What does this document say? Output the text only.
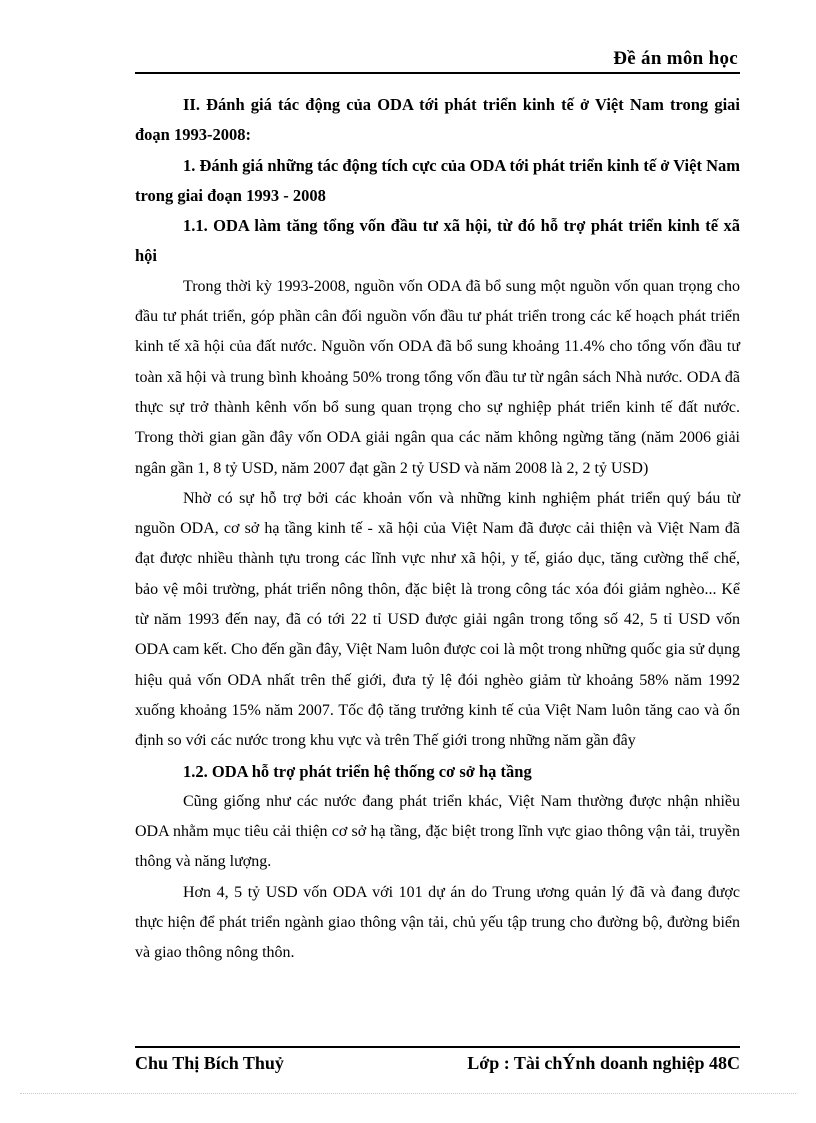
Đề án môn học

II. Đánh giá tác động của ODA tới phát triển kinh tế ở Việt Nam trong giai đoạn 1993-2008:

1. Đánh giá những tác động tích cực của ODA tới phát triển kinh tế ở Việt Nam trong giai đoạn 1993 - 2008

1.1. ODA làm tăng tổng vốn đầu tư xã hội, từ đó hỗ trợ phát triển kinh tế xã hội

Trong thời kỳ 1993-2008, nguồn vốn ODA đã bổ sung một nguồn vốn quan trọng cho đầu tư phát triển, góp phần cân đối nguồn vốn đầu tư phát triển trong các kế hoạch phát triển kinh tế xã hội của đất nước. Nguồn vốn ODA đã bổ sung khoảng 11.4% cho tổng vốn đầu tư toàn xã hội và trung bình khoảng 50% trong tổng vốn đầu tư từ ngân sách Nhà nước. ODA đã thực sự trở thành kênh vốn bổ sung quan trọng cho sự nghiệp phát triển kinh tế đất nước. Trong thời gian gần đây vốn ODA giải ngân qua các năm không ngừng tăng (năm 2006 giải ngân gần 1, 8 tỷ USD, năm 2007 đạt gần 2 tỷ USD và năm 2008 là 2, 2 tỷ USD)

Nhờ có sự hỗ trợ bởi các khoản vốn và những kinh nghiệm phát triển quý báu từ nguồn ODA, cơ sở hạ tầng kinh tế - xã hội của Việt Nam đã được cải thiện và Việt Nam đã đạt được nhiều thành tựu trong các lĩnh vực như xã hội, y tế, giáo dục, tăng cường thể chế, bảo vệ môi trường, phát triển nông thôn, đặc biệt là trong công tác xóa đói giảm nghèo... Kể từ năm 1993 đến nay, đã có tới 22 tỉ USD được giải ngân trong tổng số 42, 5 tỉ USD vốn ODA cam kết. Cho đến gần đây, Việt Nam luôn được coi là một trong những quốc gia sử dụng hiệu quả vốn ODA nhất trên thế giới, đưa tỷ lệ đói nghèo giảm từ khoảng 58% năm 1992 xuống khoảng 15% năm 2007. Tốc độ tăng trưởng kinh tế của Việt Nam luôn tăng cao và ổn định so với các nước trong khu vực và trên Thế giới trong những năm gần đây

1.2. ODA hỗ trợ phát triển hệ thống cơ sở hạ tầng

Cũng giống như các nước đang phát triển khác, Việt Nam thường được nhận nhiều ODA nhằm mục tiêu cải thiện cơ sở hạ tầng, đặc biệt trong lĩnh vực giao thông vận tải, truyền thông và năng lượng.

Hơn 4, 5 tỷ USD vốn ODA với 101 dự án do Trung ương quản lý đã và đang được thực hiện để phát triển ngành giao thông vận tải, chủ yếu tập trung cho đường bộ, đường biển và giao thông nông thôn.

Chu Thị Bích Thuỷ	Lớp : Tài chÝnh doanh nghiệp 48C
